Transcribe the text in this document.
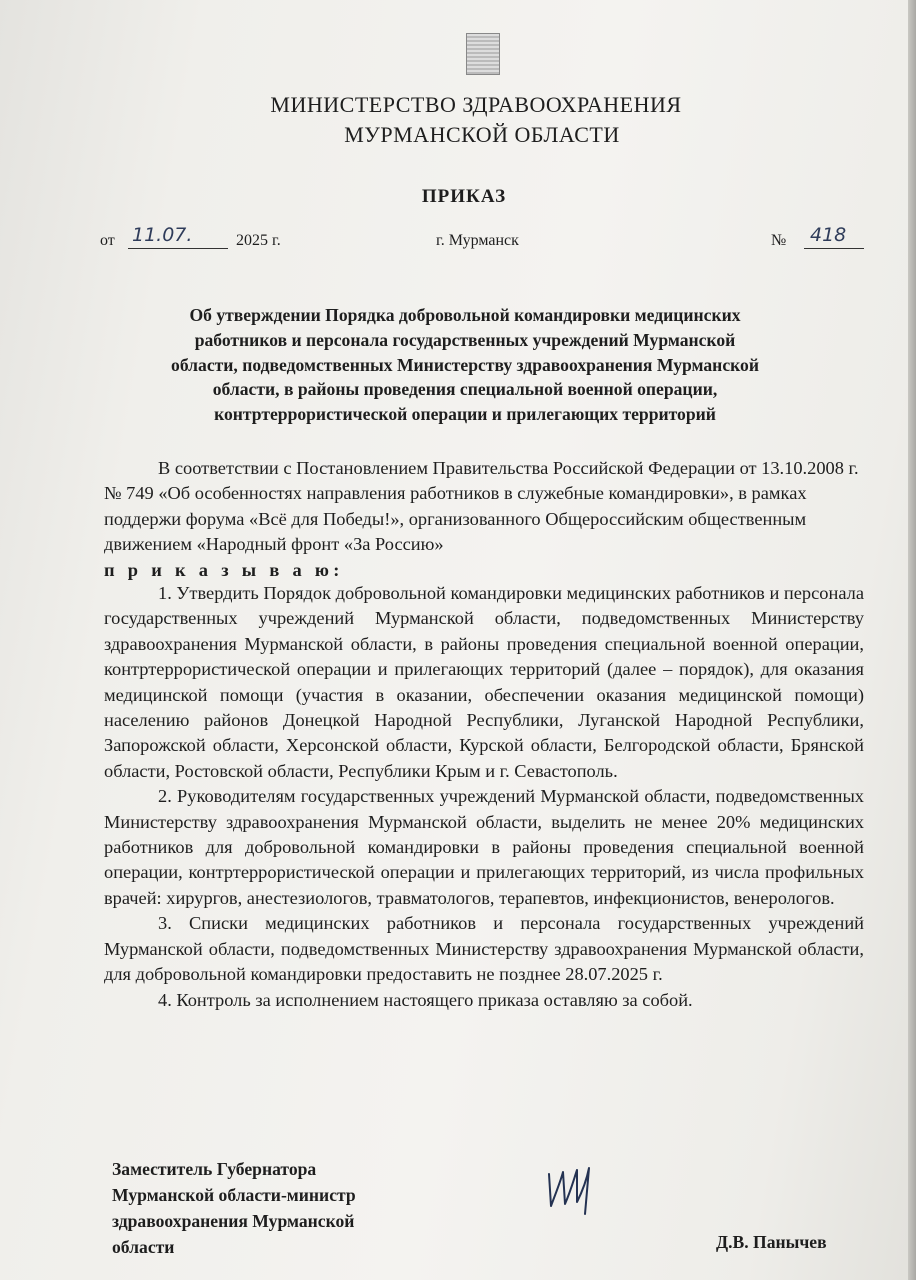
МИНИСТЕРСТВО ЗДРАВООХРАНЕНИЯ
МУРМАНСКОЙ ОБЛАСТИ
ПРИКАЗ
от 11.07.	2025 г.	г. Мурманск	№ 418
Об утверждении Порядка добровольной командировки медицинских
работников и персонала государственных учреждений Мурманской
области, подведомственных Министерству здравоохранения Мурманской
области, в районы проведения специальной военной операции,
контртеррористической операции и прилегающих территорий

В соответствии с Постановлением Правительства Российской Федерации от 13.10.2008 г. № 749 «Об особенностях направления работников в служебные командировки», в рамках поддержи форума «Всё для Победы!», организованного Общероссийским общественным движением «Народный фронт «За Россию»

п р и к а з ы в а ю:

1. Утвердить Порядок добровольной командировки медицинских работников и персонала государственных учреждений Мурманской области, подведомственных Министерству здравоохранения Мурманской области, в районы проведения специальной военной операции, контртеррористической операции и прилегающих территорий (далее – порядок), для оказания медицинской помощи (участия в оказании, обеспечении оказания медицинской помощи) населению районов Донецкой Народной Республики, Луганской Народной Республики, Запорожской области, Херсонской области, Курской области, Белгородской области, Брянской области, Ростовской области, Республики Крым и г. Севастополь.

2. Руководителям государственных учреждений Мурманской области, подведомственных Министерству здравоохранения Мурманской области, выделить не менее 20% медицинских работников для добровольной командировки в районы проведения специальной военной операции, контртеррористической операции и прилегающих территорий, из числа профильных врачей: хирургов, анестезиологов, травматологов, терапевтов, инфекционистов, венерологов.

3. Списки медицинских работников и персонала государственных учреждений Мурманской области, подведомственных Министерству здравоохранения Мурманской области, для добровольной командировки предоставить не позднее 28.07.2025 г.

4. Контроль за исполнением настоящего приказа оставляю за собой.

Заместитель Губернатора
Мурманской области-министр
здравоохранения Мурманской
области	Д.В. Панычев
